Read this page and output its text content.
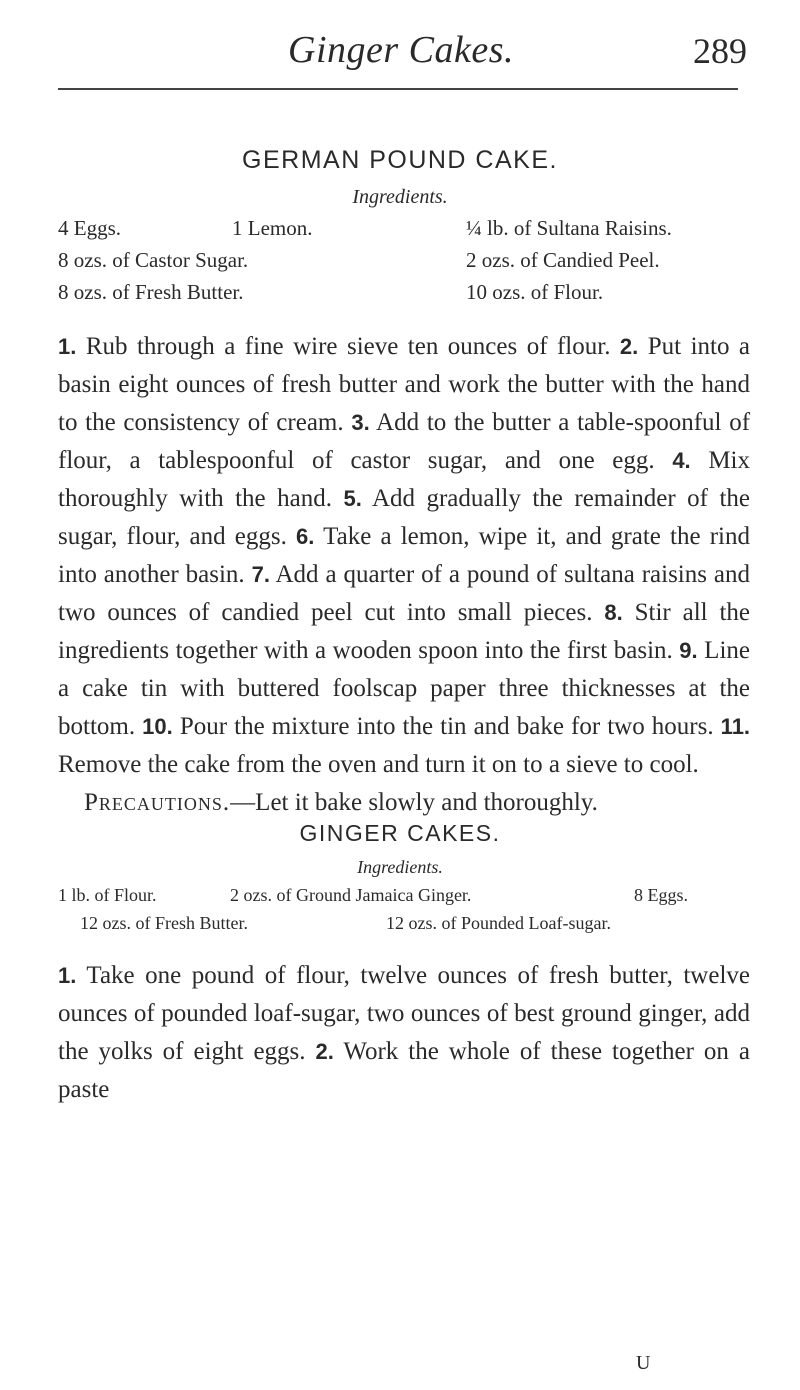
Ginger Cakes.	289
GERMAN POUND CAKE.
Ingredients.
4 Eggs.	1 Lemon.	¼ lb. of Sultana Raisins.
8 ozs. of Castor Sugar.	2 ozs. of Candied Peel.
8 ozs. of Fresh Butter.	10 ozs. of Flour.
1. Rub through a fine wire sieve ten ounces of flour. 2. Put into a basin eight ounces of fresh butter and work the butter with the hand to the consistency of cream. 3. Add to the butter a table-spoonful of flour, a tablespoonful of castor sugar, and one egg. 4. Mix thoroughly with the hand. 5. Add gradually the remainder of the sugar, flour, and eggs. 6. Take a lemon, wipe it, and grate the rind into another basin. 7. Add a quarter of a pound of sultana raisins and two ounces of candied peel cut into small pieces. 8. Stir all the ingredients together with a wooden spoon into the first basin. 9. Line a cake tin with buttered foolscap paper three thicknesses at the bottom. 10. Pour the mixture into the tin and bake for two hours. 11. Remove the cake from the oven and turn it on to a sieve to cool.
Precautions.—Let it bake slowly and thoroughly.
GINGER CAKES.
Ingredients.
1 lb. of Flour.	2 ozs. of Ground Jamaica Ginger.	8 Eggs.
12 ozs. of Fresh Butter.	12 ozs. of Pounded Loaf-sugar.
1. Take one pound of flour, twelve ounces of fresh butter, twelve ounces of pounded loaf-sugar, two ounces of best ground ginger, add the yolks of eight eggs. 2. Work the whole of these together on a paste
U
